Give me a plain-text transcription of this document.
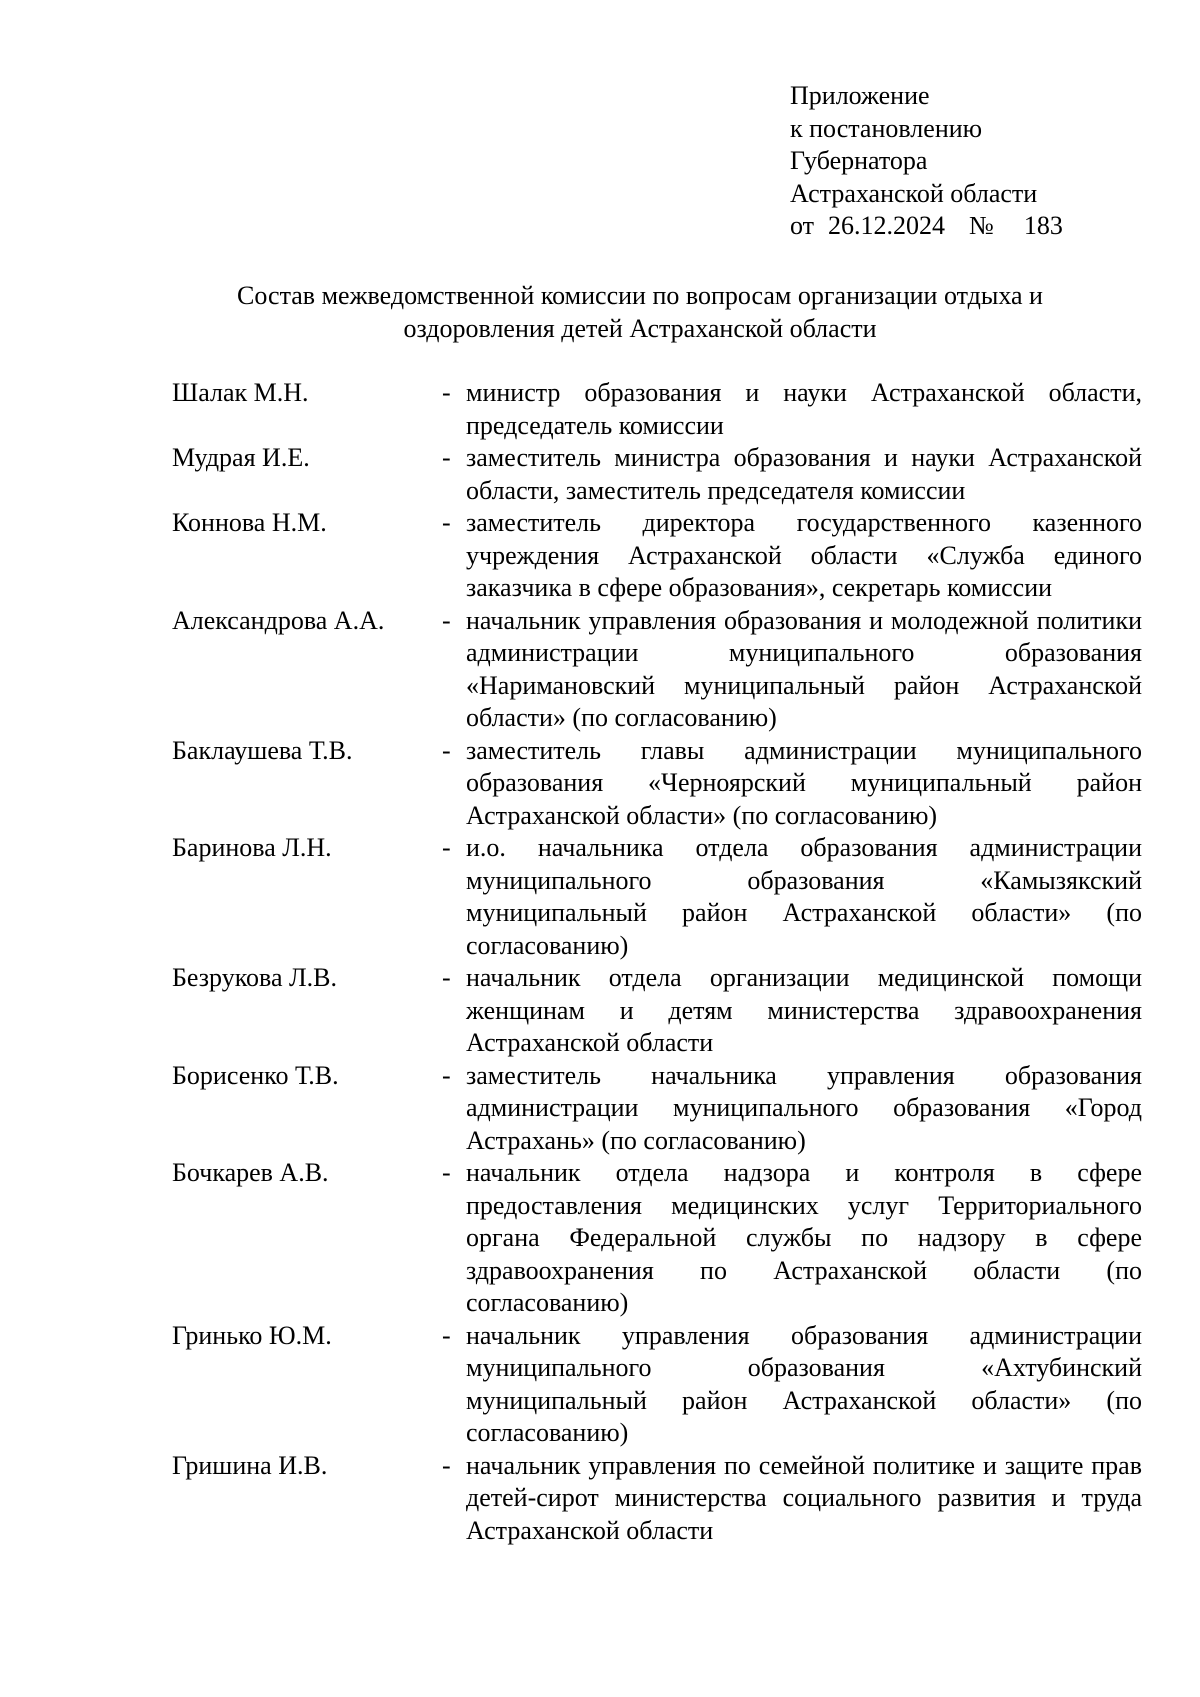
Приложение
к постановлению
Губернатора
Астраханской области
от 26.12.2024 № 183
Состав межведомственной комиссии по вопросам организации отдыха и
оздоровления детей Астраханской области
Шалак М.Н.	- министр образования и науки Астраханской области, председатель комиссии
Мудрая И.Е.	- заместитель министра образования и науки Астраханской области, заместитель председателя комиссии
Коннова Н.М.	- заместитель директора государственного казенного учреждения Астраханской области «Служба единого заказчика в сфере образования», секретарь комиссии
Александрова А.А.	- начальник управления образования и молодежной политики администрации муниципального образования «Наримановский муниципальный район Астраханской области» (по согласованию)
Баклаушева Т.В.	- заместитель главы администрации муниципального образования «Черноярский муниципальный район Астраханской области» (по согласованию)
Баринова Л.Н.	- и.о. начальника отдела образования администрации муниципального образования «Камызякский муниципальный район Астраханской области» (по согласованию)
Безрукова Л.В.	- начальник отдела организации медицинской помощи женщинам и детям министерства здравоохранения Астраханской области
Борисенко Т.В.	- заместитель начальника управления образования администрации муниципального образования «Город Астрахань» (по согласованию)
Бочкарев А.В.	- начальник отдела надзора и контроля в сфере предоставления медицинских услуг Территориального органа Федеральной службы по надзору в сфере здравоохранения по Астраханской области (по согласованию)
Гринько Ю.М.	- начальник управления образования администрации муниципального образования «Ахтубинский муниципальный район Астраханской области» (по согласованию)
Гришина И.В.	- начальник управления по семейной политике и защите прав детей-сирот министерства социального развития и труда Астраханской области
